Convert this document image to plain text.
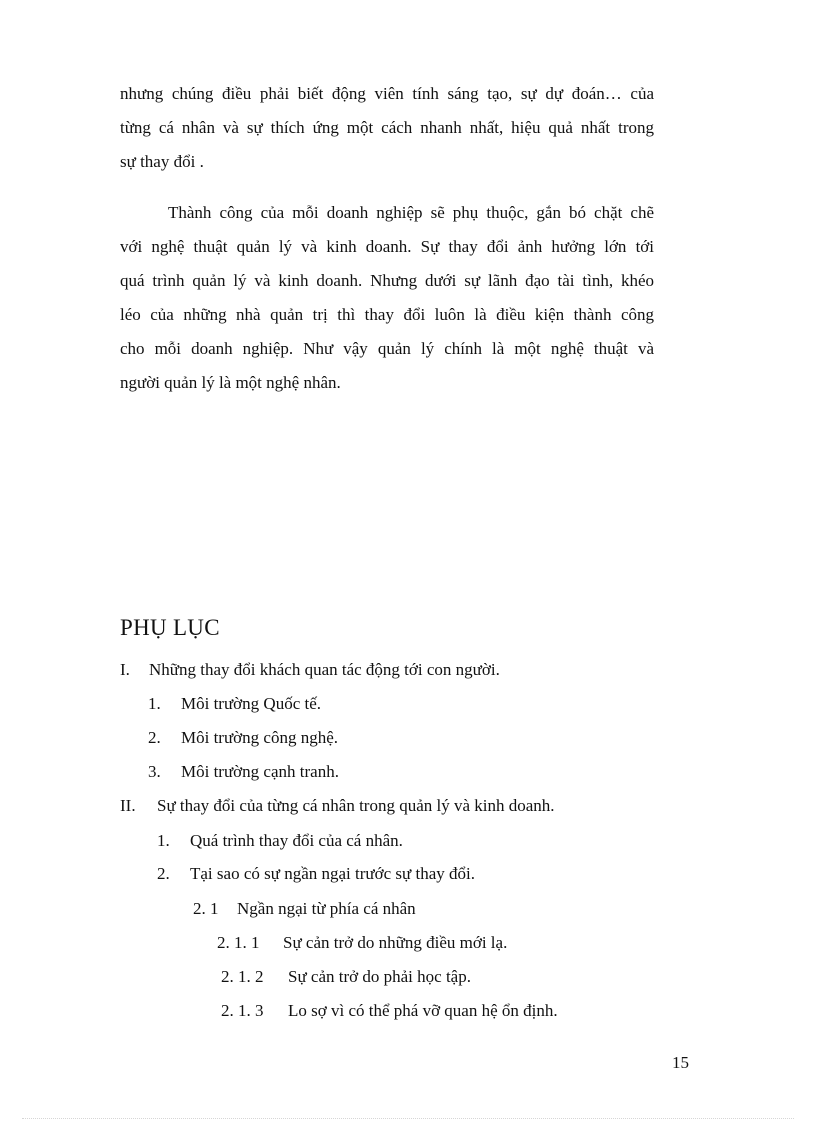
nhưng chúng điều phải biết động viên tính sáng tạo, sự dự đoán… của
từng cá nhân và sự thích ứng một cách nhanh nhất, hiệu quả nhất trong
sự thay đổi .
Thành công của mỗi doanh nghiệp sẽ phụ thuộc, gắn bó chặt chẽ
với nghệ thuật quản lý và kinh doanh. Sự thay đổi ảnh hưởng lớn tới
quá trình quản lý và kinh doanh. Nhưng dưới sự lãnh đạo tài tình, khéo
léo của những nhà quản trị thì thay đổi luôn là điều kiện thành công
cho mỗi doanh nghiệp. Như vậy quản lý chính là một nghệ thuật và
người quản lý là một nghệ nhân.
PHỤ LỤC
I. Những thay đổi khách quan tác động tới con người.
1. Môi trường Quốc tế.
2. Môi trường công nghệ.
3. Môi trường cạnh tranh.
II. Sự thay đổi của từng cá nhân trong quản lý và kinh doanh.
1. Quá trình thay đổi của cá nhân.
2. Tại sao có sự ngần ngại trước sự thay đổi.
2. 1 Ngần ngại từ phía cá nhân
2. 1. 1 Sự cản trở do những điều mới lạ.
2. 1. 2 Sự cản trở do phải học tập.
2. 1. 3 Lo sợ vì có thể phá vỡ quan hệ ổn định.
15
